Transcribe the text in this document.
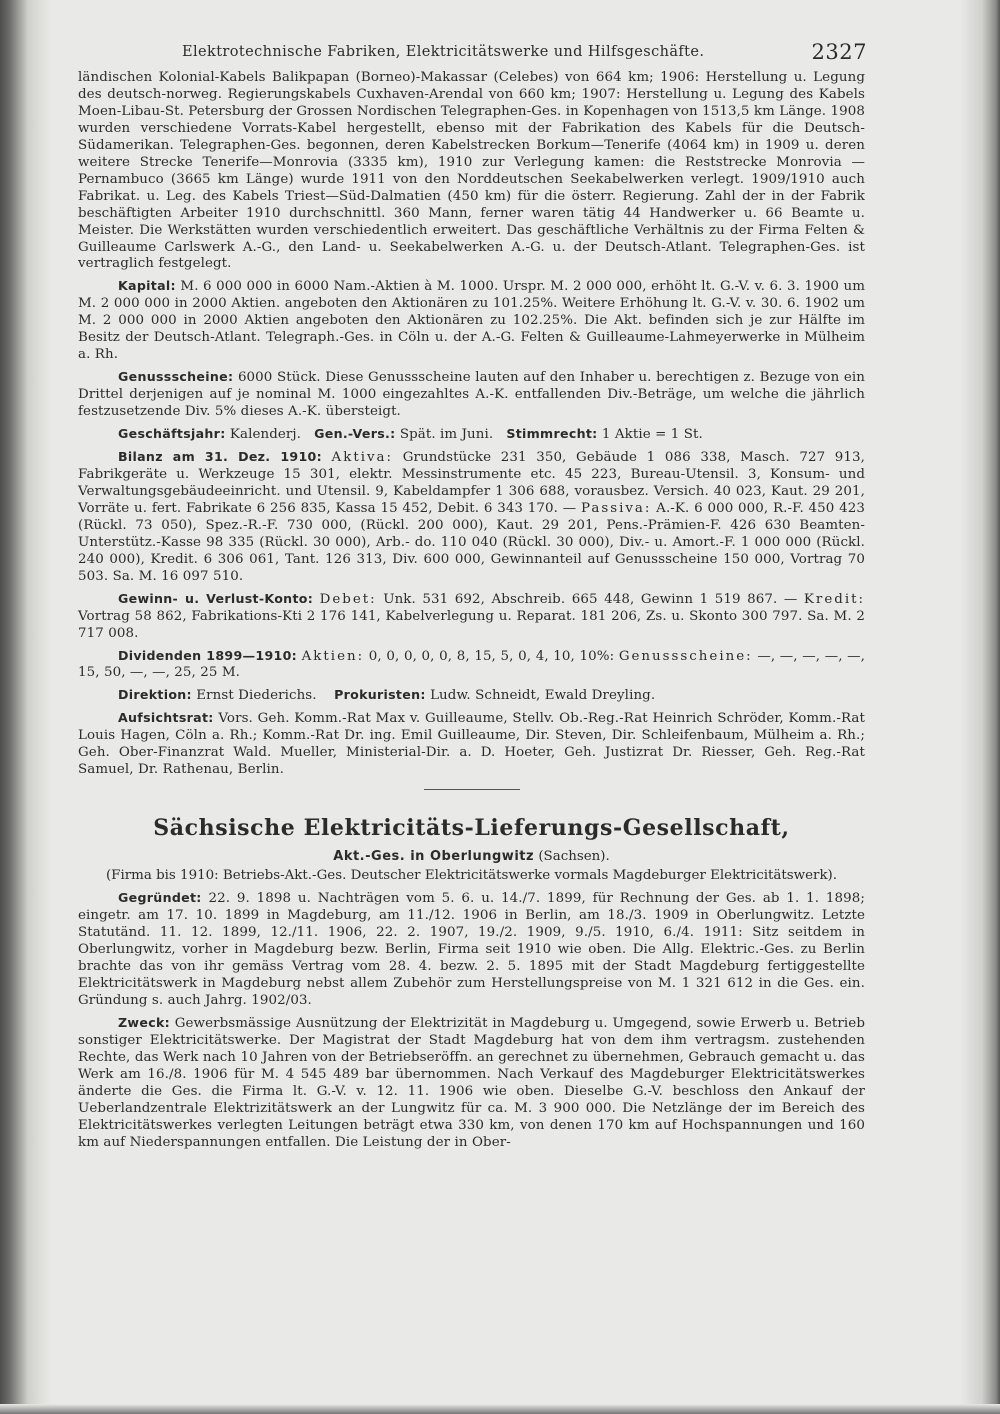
Elektrotechnische Fabriken, Elektricitätswerke und Hilfsgeschäfte.	2327

ländischen Kolonial-Kabels Balikpapan (Borneo)-Makassar (Celebes) von 664 km; 1906: Herstellung u. Legung des deutsch-norweg. Regierungskabels Cuxhaven-Arendal von 660 km; 1907: Herstellung u. Legung des Kabels Moen-Libau-St. Petersburg der Grossen Nordischen Telegraphen-Ges. in Kopenhagen von 1513,5 km Länge. 1908 wurden verschiedene Vorrats-Kabel hergestellt, ebenso mit der Fabrikation des Kabels für die Deutsch-Südamerikan. Telegraphen-Ges. begonnen, deren Kabelstrecken Borkum—Tenerife (4064 km) in 1909 u. deren weitere Strecke Tenerife—Monrovia (3335 km), 1910 zur Verlegung kamen: die Reststrecke Monrovia — Pernambuco (3665 km Länge) wurde 1911 von den Norddeutschen Seekabelwerken verlegt. 1909/1910 auch Fabrikat. u. Leg. des Kabels Triest—Süd-Dalmatien (450 km) für die österr. Regierung. Zahl der in der Fabrik beschäftigten Arbeiter 1910 durchschnittl. 360 Mann, ferner waren tätig 44 Handwerker u. 66 Beamte u. Meister. Die Werkstätten wurden verschiedentlich erweitert. Das geschäftliche Verhältnis zu der Firma Felten & Guilleaume Carlswerk A.-G., den Land- u. Seekabelwerken A.-G. u. der Deutsch-Atlant. Telegraphen-Ges. ist vertraglich festgelegt.

Kapital: M. 6 000 000 in 6000 Nam.-Aktien à M. 1000. Urspr. M. 2 000 000, erhöht lt. G.-V. v. 6. 3. 1900 um M. 2 000 000 in 2000 Aktien. angeboten den Aktionären zu 101.25%. Weitere Erhöhung lt. G.-V. v. 30. 6. 1902 um M. 2 000 000 in 2000 Aktien angeboten den Aktionären zu 102.25%. Die Akt. befinden sich je zur Hälfte im Besitz der Deutsch-Atlant. Telegraph.-Ges. in Cöln u. der A.-G. Felten & Guilleaume-Lahmeyerwerke in Mülheim a. Rh.

Genussscheine: 6000 Stück. Diese Genussscheine lauten auf den Inhaber u. berechtigen z. Bezuge von ein Drittel derjenigen auf je nominal M. 1000 eingezahltes A.-K. entfallenden Div.-Beträge, um welche die jährlich festzusetzende Div. 5% dieses A.-K. übersteigt.

Geschäftsjahr: Kalenderj. Gen.-Vers.: Spät. im Juni. Stimmrecht: 1 Aktie = 1 St.

Bilanz am 31. Dez. 1910: Aktiva: Grundstücke 231 350, Gebäude 1 086 338, Masch. 727 913, Fabrikgeräte u. Werkzeuge 15 301, elektr. Messinstrumente etc. 45 223, Bureau-Utensil. 3, Konsum- und Verwaltungsgebäudeeinricht. und Utensil. 9, Kabeldampfer 1 306 688, vorausbez. Versich. 40 023, Kaut. 29 201, Vorräte u. fert. Fabrikate 6 256 835, Kassa 15 452, Debit. 6 343 170. — Passiva: A.-K. 6 000 000, R.-F. 450 423 (Rückl. 73 050), Spez.-R.-F. 730 000, (Rückl. 200 000), Kaut. 29 201, Pens.-Prämien-F. 426 630 Beamten-Unterstütz.-Kasse 98 335 (Rückl. 30 000), Arb.- do. 110 040 (Rückl. 30 000), Div.- u. Amort.-F. 1 000 000 (Rückl. 240 000), Kredit. 6 306 061, Tant. 126 313, Div. 600 000, Gewinnanteil auf Genussscheine 150 000, Vortrag 70 503. Sa. M. 16 097 510.

Gewinn- u. Verlust-Konto: Debet: Unk. 531 692, Abschreib. 665 448, Gewinn 1 519 867. — Kredit: Vortrag 58 862, Fabrikations-Kti 2 176 141, Kabelverlegung u. Reparat. 181 206, Zs. u. Skonto 300 797. Sa. M. 2 717 008.

Dividenden 1899—1910: Aktien: 0, 0, 0, 0, 0, 8, 15, 5, 0, 4, 10, 10%: Genussscheine: —, —, —, —, —, 15, 50, —, —, 25, 25 M.

Direktion: Ernst Diederichs. Prokuristen: Ludw. Schneidt, Ewald Dreyling.

Aufsichtsrat: Vors. Geh. Komm.-Rat Max v. Guilleaume, Stellv. Ob.-Reg.-Rat Heinrich Schröder, Komm.-Rat Louis Hagen, Cöln a. Rh.; Komm.-Rat Dr. ing. Emil Guilleaume, Dir. Steven, Dir. Schleifenbaum, Mülheim a. Rh.; Geh. Ober-Finanzrat Wald. Mueller, Ministerial-Dir. a. D. Hoeter, Geh. Justizrat Dr. Riesser, Geh. Reg.-Rat Samuel, Dr. Rathenau, Berlin.

Sächsische Elektricitäts-Lieferungs-Gesellschaft,
Akt.-Ges. in Oberlungwitz (Sachsen).
(Firma bis 1910: Betriebs-Akt.-Ges. Deutscher Elektricitätswerke vormals Magdeburger Elektricitätswerk).

Gegründet: 22. 9. 1898 u. Nachträgen vom 5. 6. u. 14./7. 1899, für Rechnung der Ges. ab 1. 1. 1898; eingetr. am 17. 10. 1899 in Magdeburg, am 11./12. 1906 in Berlin, am 18./3. 1909 in Oberlungwitz. Letzte Statutänd. 11. 12. 1899, 12./11. 1906, 22. 2. 1907, 19./2. 1909, 9./5. 1910, 6./4. 1911: Sitz seitdem in Oberlungwitz, vorher in Magdeburg bezw. Berlin, Firma seit 1910 wie oben. Die Allg. Elektric.-Ges. zu Berlin brachte das von ihr gemäss Vertrag vom 28. 4. bezw. 2. 5. 1895 mit der Stadt Magdeburg fertiggestellte Elektricitätswerk in Magdeburg nebst allem Zubehör zum Herstellungspreise von M. 1 321 612 in die Ges. ein. Gründung s. auch Jahrg. 1902/03.

Zweck: Gewerbsmässige Ausnützung der Elektrizität in Magdeburg u. Umgegend, sowie Erwerb u. Betrieb sonstiger Elektricitätswerke. Der Magistrat der Stadt Magdeburg hat von dem ihm vertragsm. zustehenden Rechte, das Werk nach 10 Jahren von der Betriebseröffn. an gerechnet zu übernehmen, Gebrauch gemacht u. das Werk am 16./8. 1906 für M. 4 545 489 bar übernommen. Nach Verkauf des Magdeburger Elektricitätswerkes änderte die Ges. die Firma lt. G.-V. v. 12. 11. 1906 wie oben. Dieselbe G.-V. beschloss den Ankauf der Ueberlandzentrale Elektrizitätswerk an der Lungwitz für ca. M. 3 900 000. Die Netzlänge der im Bereich des Elektricitätswerkes verlegten Leitungen beträgt etwa 330 km, von denen 170 km auf Hochspannungen und 160 km auf Niederspannungen entfallen. Die Leistung der in Ober-
